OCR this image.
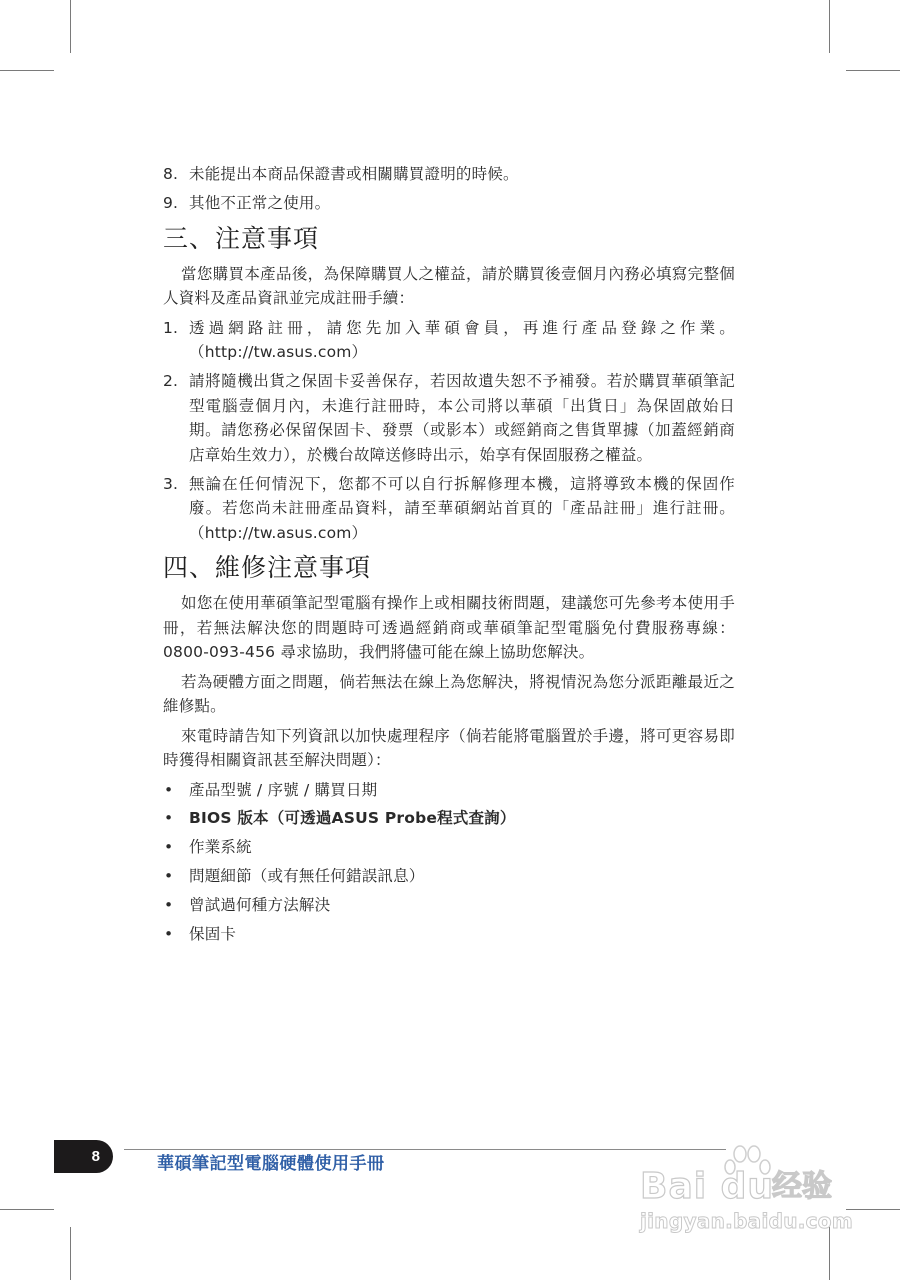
8. 未能提出本商品保證書或相關購買證明的時候。
9. 其他不正常之使用。
三、注意事項

當您購買本產品後，為保障購買人之權益，請於購買後壹個月內務必填寫完整個人資料及產品資訊並完成註冊手續：

1. 透過網路註冊，請您先加入華碩會員，再進行產品登錄之作業。（http://tw.asus.com）
2. 請將隨機出貨之保固卡妥善保存，若因故遺失恕不予補發。若於購買華碩筆記型電腦壹個月內，未進行註冊時，本公司將以華碩「出貨日」為保固啟始日期。請您務必保留保固卡、發票（或影本）或經銷商之售貨單據（加蓋經銷商店章始生效力），於機台故障送修時出示，始享有保固服務之權益。
3. 無論在任何情況下，您都不可以自行拆解修理本機，這將導致本機的保固作廢。若您尚未註冊產品資料，請至華碩網站首頁的「產品註冊」進行註冊。（http://tw.asus.com）
四、維修注意事項

如您在使用華碩筆記型電腦有操作上或相關技術問題，建議您可先參考本使用手冊，若無法解決您的問題時可透過經銷商或華碩筆記型電腦免付費服務專線：0800-093-456 尋求協助，我們將儘可能在線上協助您解決。

若為硬體方面之問題，倘若無法在線上為您解決，將視情況為您分派距離最近之維修點。

來電時請告知下列資訊以加快處理程序（倘若能將電腦置於手邊，將可更容易即時獲得相關資訊甚至解決問題）：

• 產品型號 / 序號 / 購買日期
• BIOS 版本（可透過ASUS Probe程式查詢）
• 作業系統
• 問題細節（或有無任何錯誤訊息）
• 曾試過何種方法解決
• 保固卡
8	華碩筆記型電腦硬體使用手冊
Bai du
经验
jingyan.baidu.com
